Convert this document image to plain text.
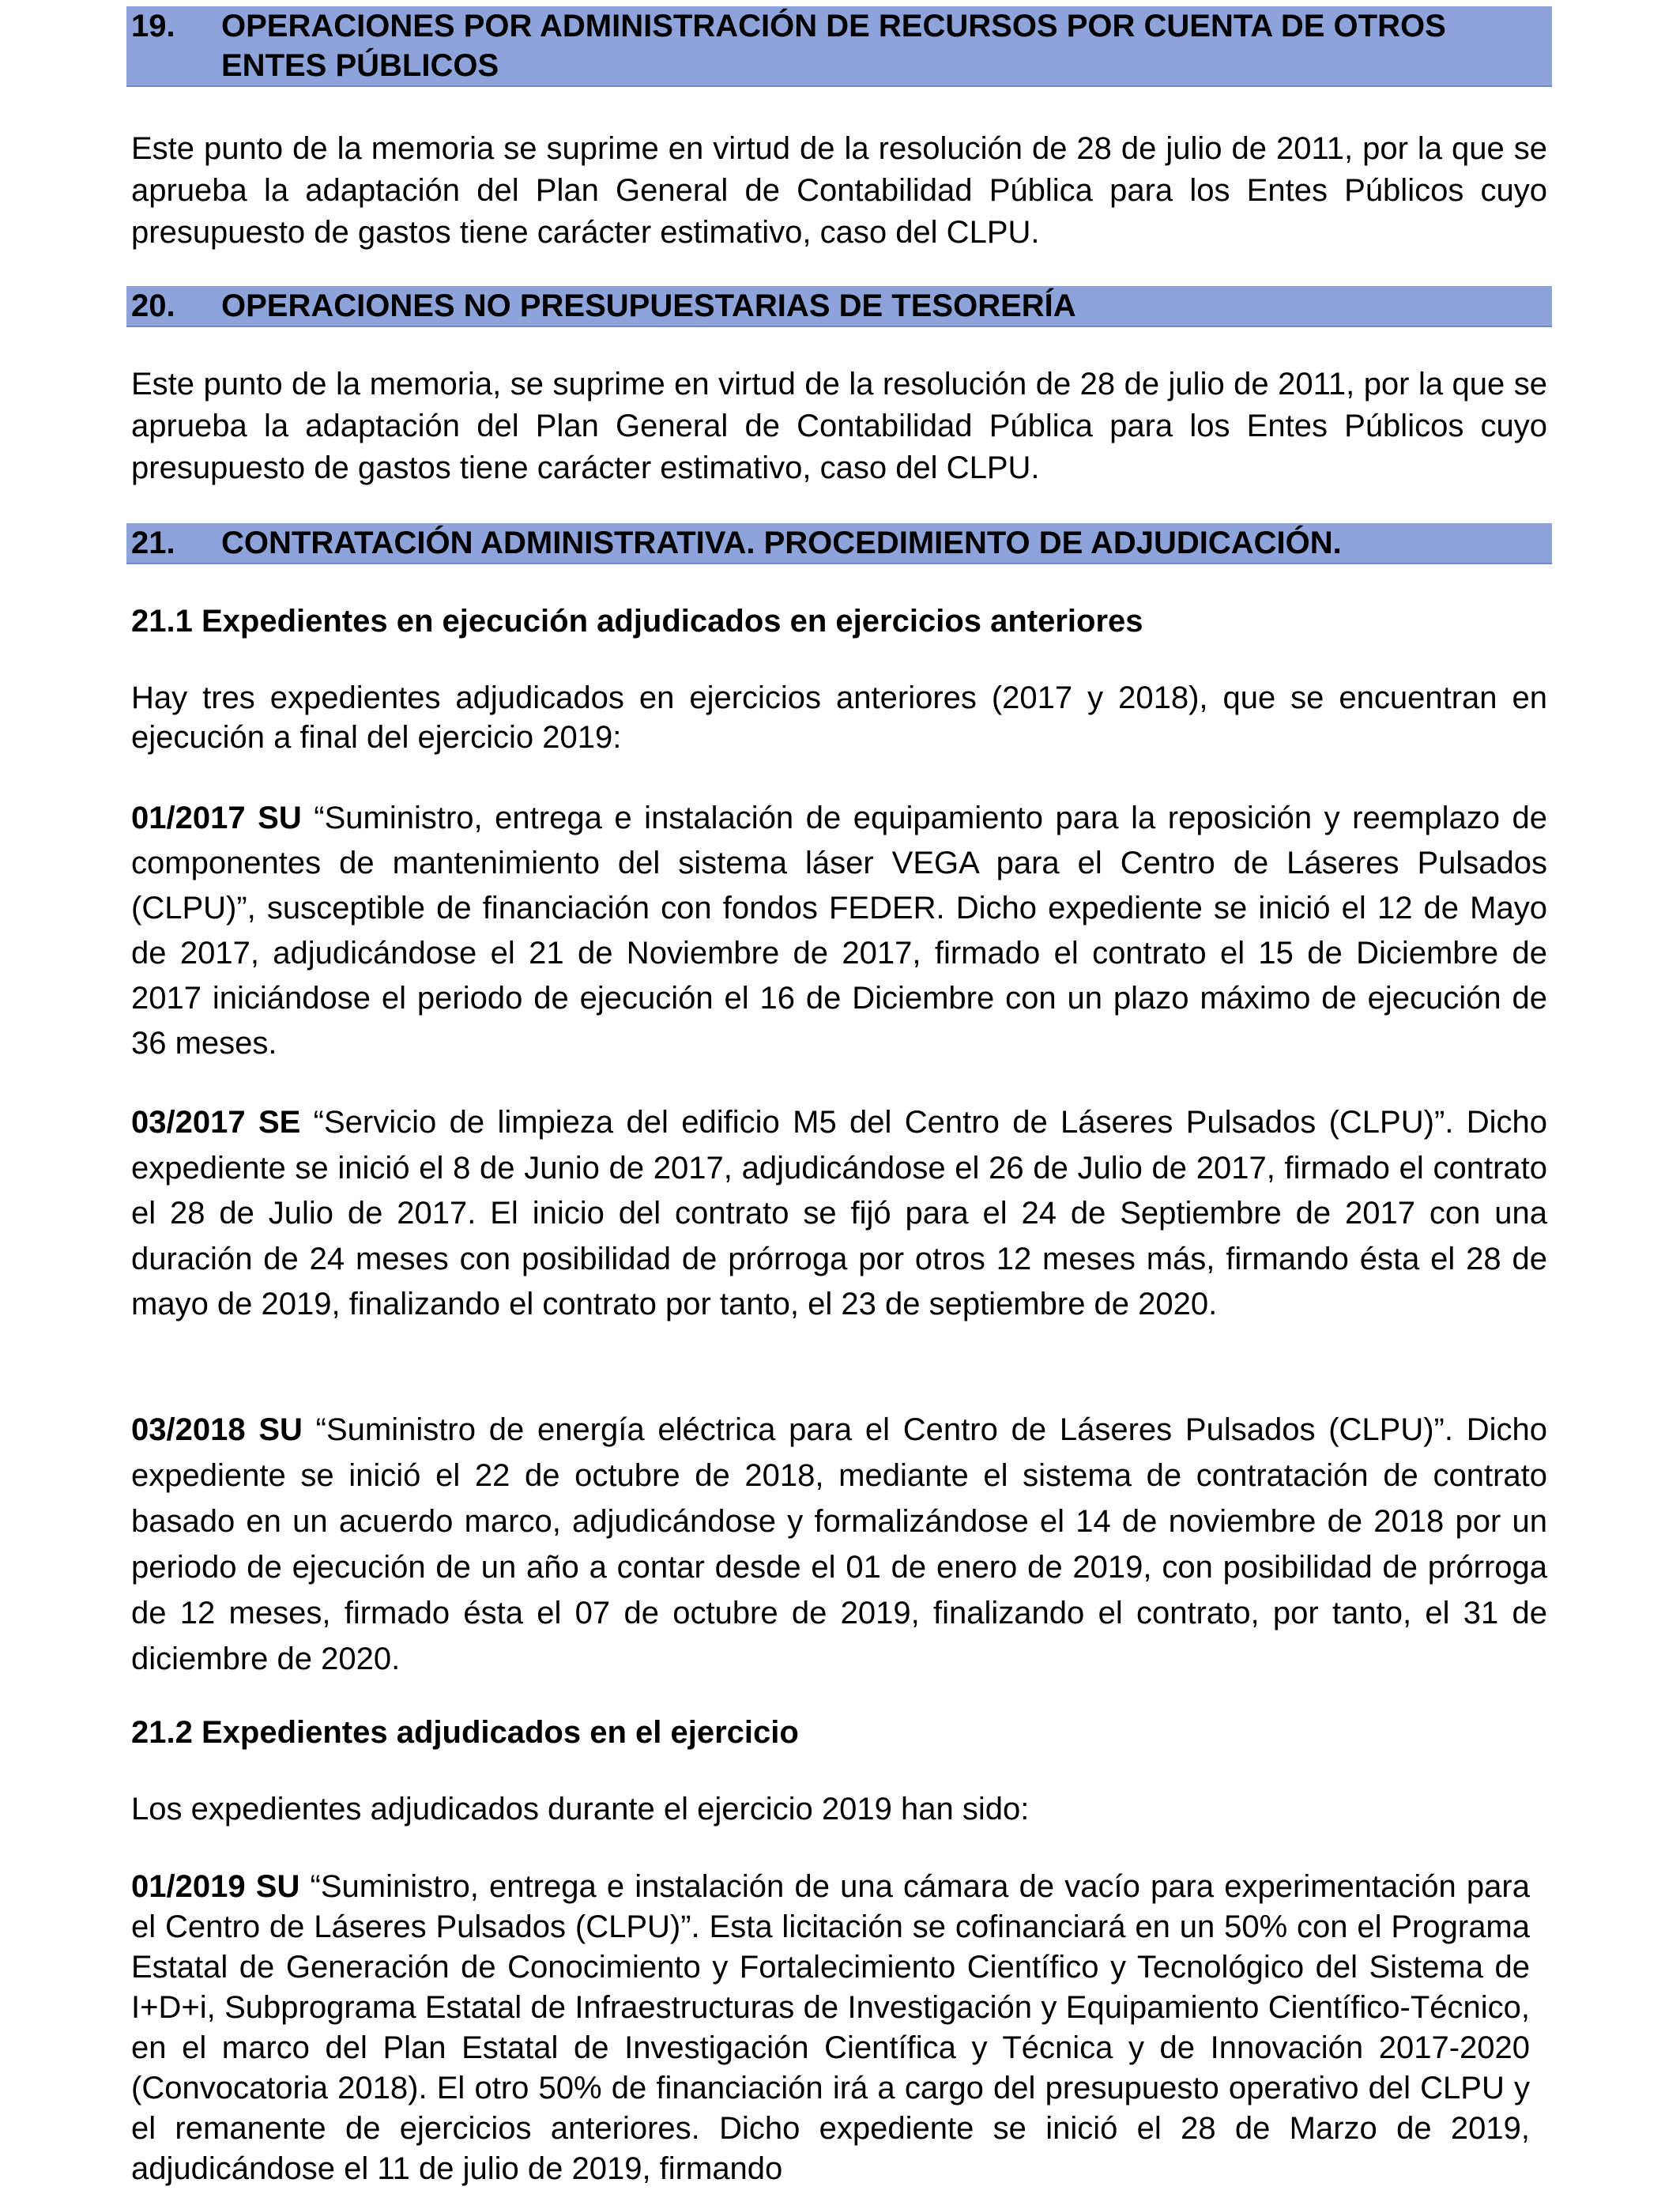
19. OPERACIONES POR ADMINISTRACIÓN DE RECURSOS POR CUENTA DE OTROS ENTES PÚBLICOS
Este punto de la memoria se suprime en virtud de la resolución de 28 de julio de 2011, por la que se aprueba la adaptación del Plan General de Contabilidad Pública para los Entes Públicos cuyo presupuesto de gastos tiene carácter estimativo, caso del CLPU.
20. OPERACIONES NO PRESUPUESTARIAS DE TESORERÍA
Este punto de la memoria, se suprime en virtud de la resolución de 28 de julio de 2011, por la que se aprueba la adaptación del Plan General de Contabilidad Pública para los Entes Públicos cuyo presupuesto de gastos tiene carácter estimativo, caso del CLPU.
21. CONTRATACIÓN ADMINISTRATIVA. PROCEDIMIENTO DE ADJUDICACIÓN.
21.1 Expedientes en ejecución adjudicados en ejercicios anteriores
Hay tres expedientes adjudicados en ejercicios anteriores (2017 y 2018), que se encuentran en ejecución a final del ejercicio 2019:
01/2017 SU “Suministro, entrega e instalación de equipamiento para la reposición y reemplazo de componentes de mantenimiento del sistema láser VEGA para el Centro de Láseres Pulsados (CLPU)”, susceptible de financiación con fondos FEDER. Dicho expediente se inició el 12 de Mayo de 2017, adjudicándose el 21 de Noviembre de 2017, firmado el contrato el 15 de Diciembre de 2017 iniciándose el periodo de ejecución el 16 de Diciembre con un plazo máximo de ejecución de 36 meses.
03/2017 SE “Servicio de limpieza del edificio M5 del Centro de Láseres Pulsados (CLPU)”. Dicho expediente se inició el 8 de Junio de 2017, adjudicándose el 26 de Julio de 2017, firmado el contrato el 28 de Julio de 2017. El inicio del contrato se fijó para el 24 de Septiembre de 2017 con una duración de 24 meses con posibilidad de prórroga por otros 12 meses más, firmando ésta el 28 de mayo de 2019, finalizando el contrato por tanto, el 23 de septiembre de 2020.
03/2018 SU “Suministro de energía eléctrica para el Centro de Láseres Pulsados (CLPU)”. Dicho expediente se inició el 22 de octubre de 2018, mediante el sistema de contratación de contrato basado en un acuerdo marco, adjudicándose y formalizándose el 14 de noviembre de 2018 por un periodo de ejecución de un año a contar desde el 01 de enero de 2019, con posibilidad de prórroga de 12 meses, firmado ésta el 07 de octubre de 2019, finalizando el contrato, por tanto, el 31 de diciembre de 2020.
21.2 Expedientes adjudicados en el ejercicio
Los expedientes adjudicados durante el ejercicio 2019 han sido:
01/2019 SU “Suministro, entrega e instalación de una cámara de vacío para experimentación para el Centro de Láseres Pulsados (CLPU)”. Esta licitación se cofinanciará en un 50% con el Programa Estatal de Generación de Conocimiento y Fortalecimiento Científico y Tecnológico del Sistema de I+D+i, Subprograma Estatal de Infraestructuras de Investigación y Equipamiento Científico-Técnico, en el marco del Plan Estatal de Investigación Científica y Técnica y de Innovación 2017-2020 (Convocatoria 2018). El otro 50% de financiación irá a cargo del presupuesto operativo del CLPU y el remanente de ejercicios anteriores. Dicho expediente se inició el 28 de Marzo de 2019, adjudicándose el 11 de julio de 2019, firmando
